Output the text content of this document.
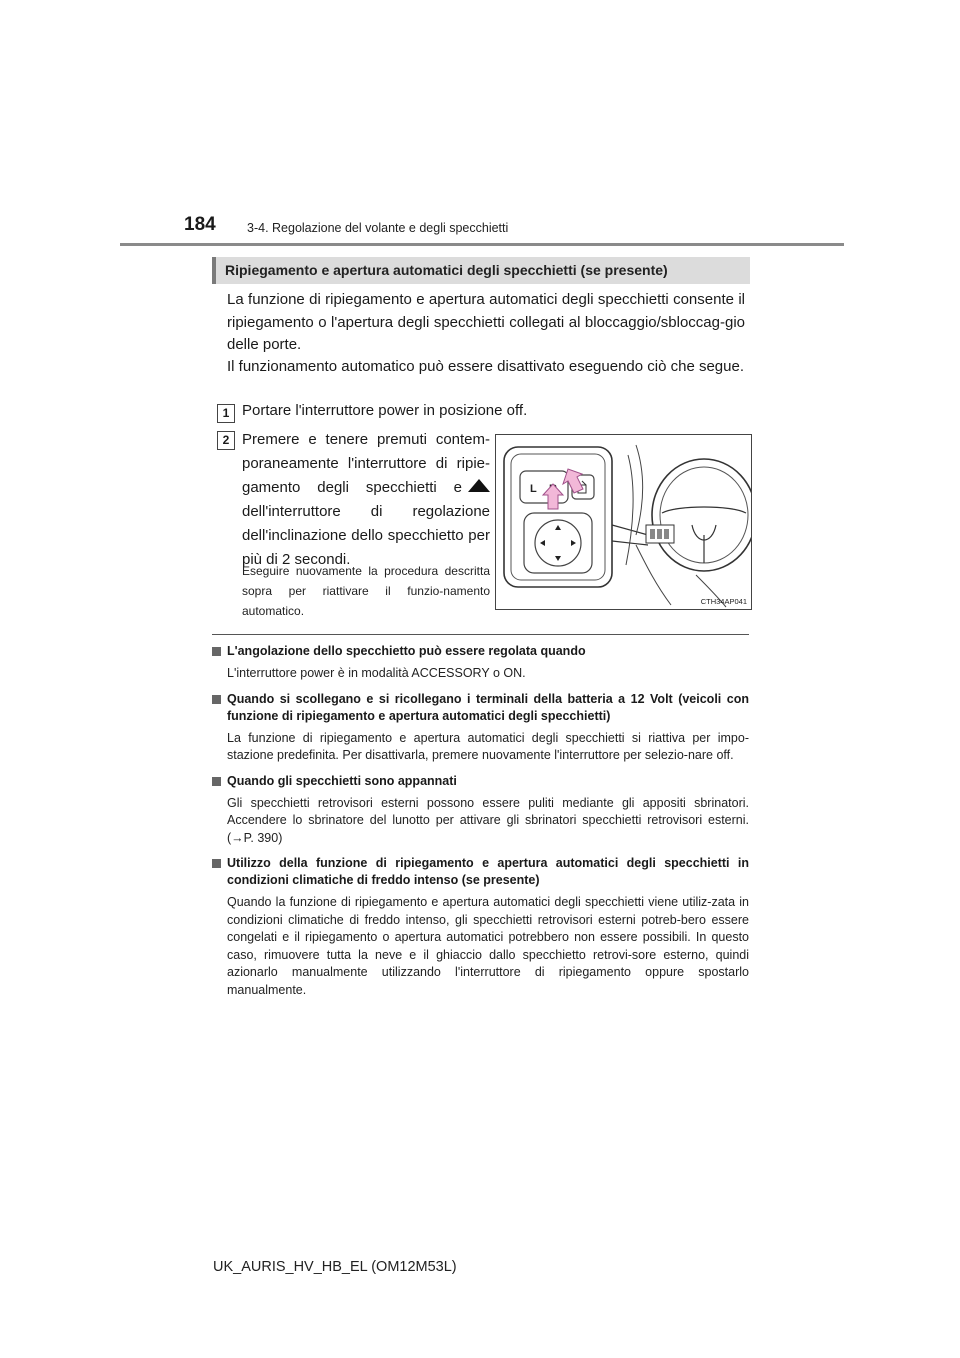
184	3-4. Regolazione del volante e degli specchietti
Ripiegamento e apertura automatici degli specchietti (se presente)
La funzione di ripiegamento e apertura automatici degli specchietti consente il ripiegamento o l'apertura degli specchietti collegati al bloccaggio/sbloccag-gio delle porte.
Il funzionamento automatico può essere disattivato eseguendo ciò che segue.
1 Portare l'interruttore power in posizione off.
2 Premere e tenere premuti contem-poraneamente l'interruttore di ripie-gamento degli specchietti e dell'interruttore di regolazione dell'inclinazione dello specchietto per più di 2 secondi.
Eseguire nuovamente la procedura descritta sopra per riattivare il funzio-namento automatico.
L
CTH34AP041
L'angolazione dello specchietto può essere regolata quando
L'interruttore power è in modalità ACCESSORY o ON.
Quando si scollegano e si ricollegano i terminali della batteria a 12 Volt (veicoli con funzione di ripiegamento e apertura automatici degli specchietti)
La funzione di ripiegamento e apertura automatici degli specchietti si riattiva per impo-stazione predefinita. Per disattivarla, premere nuovamente l'interruttore per selezio-nare off.
Quando gli specchietti sono appannati
Gli specchietti retrovisori esterni possono essere puliti mediante gli appositi sbrinatori. Accendere lo sbrinatore del lunotto per attivare gli sbrinatori specchietti retrovisori esterni. (→P. 390)
Utilizzo della funzione di ripiegamento e apertura automatici degli specchietti in condizioni climatiche di freddo intenso (se presente)
Quando la funzione di ripiegamento e apertura automatici degli specchietti viene utiliz-zata in condizioni climatiche di freddo intenso, gli specchietti retrovisori esterni potreb-bero essere congelati e il ripiegamento o apertura automatici potrebbero non essere possibili. In questo caso, rimuovere tutta la neve e il ghiaccio dallo specchietto retrovi-sore esterno, quindi azionarlo manualmente utilizzando l'interruttore di ripiegamento oppure spostarlo manualmente.
UK_AURIS_HV_HB_EL (OM12M53L)
